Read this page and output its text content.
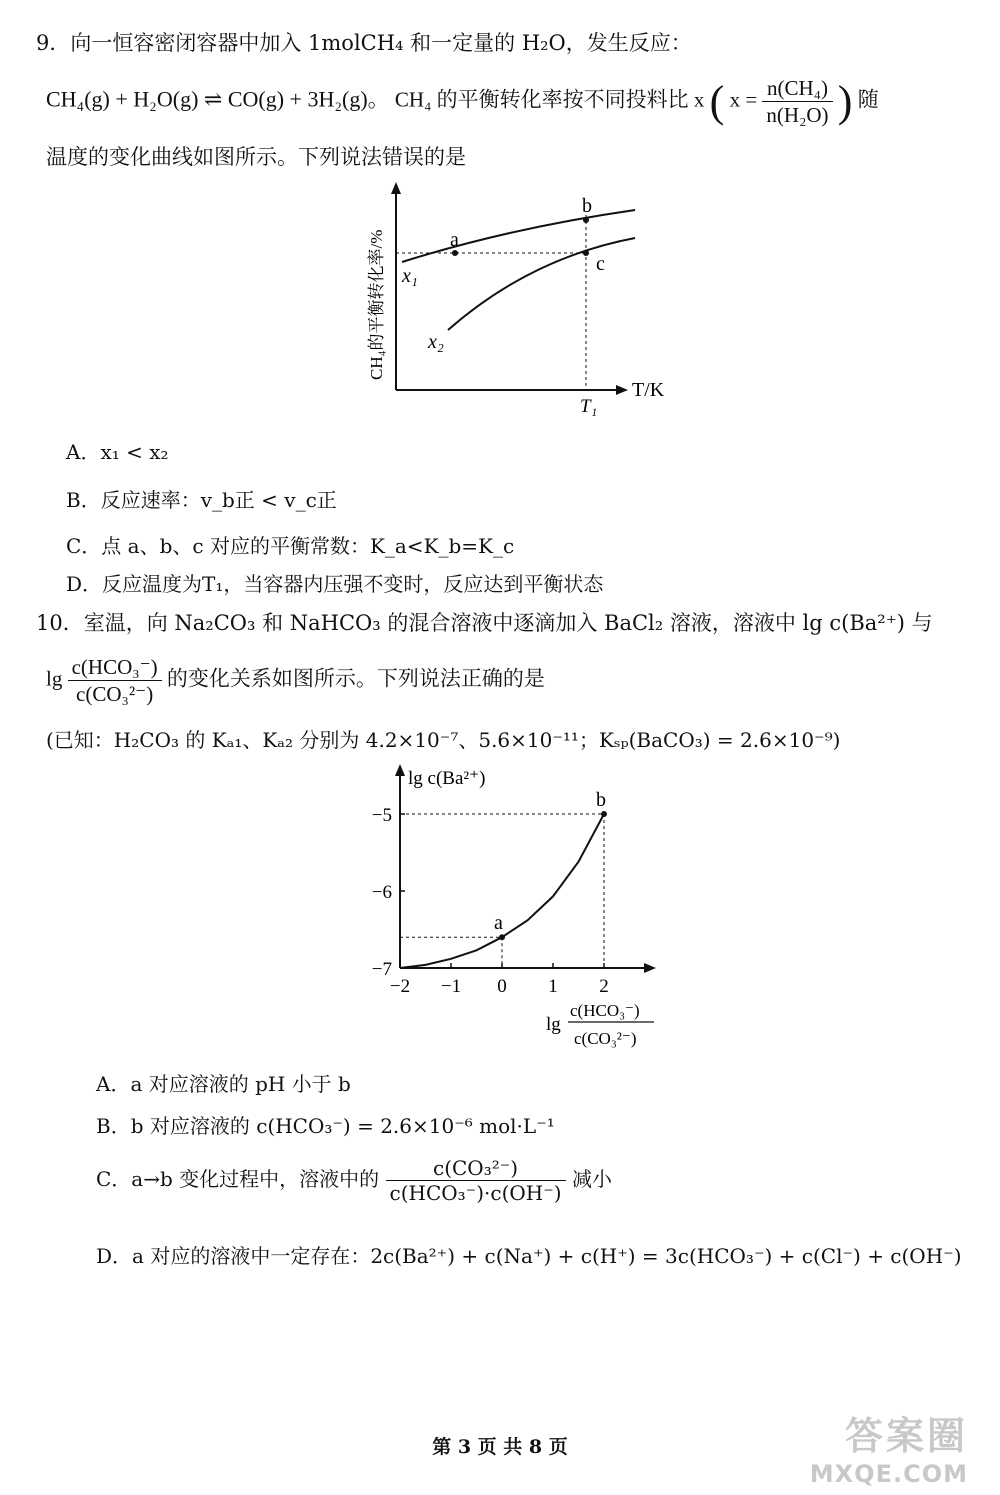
9．向一恒容密闭容器中加入 1molCH₄ 和一定量的 H₂O，发生反应：
CH₄(g) + H₂O(g) ⇌ CO(g) + 3H₂(g)。 CH₄ 的平衡转化率按不同投料比 x ( $x = \frac{\text{n(CH₄)}}{\text{n(H₂O)}}$ ) 随
温度的变化曲线如图所示。下列说法错误的是
T/K
CH₄的平衡转化率/%	a
b
c
x₁
x₂
T₁
A．x₁ < x₂
B．反应速率：v_b正 < v_c正
C．点 a、b、c 对应的平衡常数：K_a<K_b=K_c
D．反应温度为T₁，当容器内压强不变时，反应达到平衡状态
10．室温，向 Na₂CO₃ 和 NaHCO₃ 的混合溶液中逐滴加入 BaCl₂ 溶液，溶液中 lg c(Ba²⁺) 与
$\lg \frac{\text{c(HCO₃⁻)}}{\text{c(CO₃²⁻)}}$ 的变化关系如图所示。下列说法正确的是
(已知：H₂CO₃ 的 Kₐ₁、Kₐ₂ 分别为 4.2×10⁻⁷、5.6×10⁻¹¹；Kₛₚ(BaCO₃) = 2.6×10⁻⁹)
lg c(Ba²⁺)
−2 −1 0 1 2
−7
−6
−5
a
b
lg
c(HCO₃⁻)
c(CO₃²⁻)
A．a 对应溶液的 pH 小于 b
B．b 对应溶液的 c(HCO₃⁻) = 2.6×10⁻⁶ mol·L⁻¹
C．a→b 变化过程中，溶液中的 $\frac{\text{c(CO₃²⁻)}}{\text{c(HCO₃⁻)·c(OH⁻)}}$ 减小
D．a 对应的溶液中一定存在：2c(Ba²⁺) + c(Na⁺) + c(H⁺) = 3c(HCO₃⁻) + c(Cl⁻) + c(OH⁻)
第 3 页 共 8 页	答案圈
MXQE.COM
